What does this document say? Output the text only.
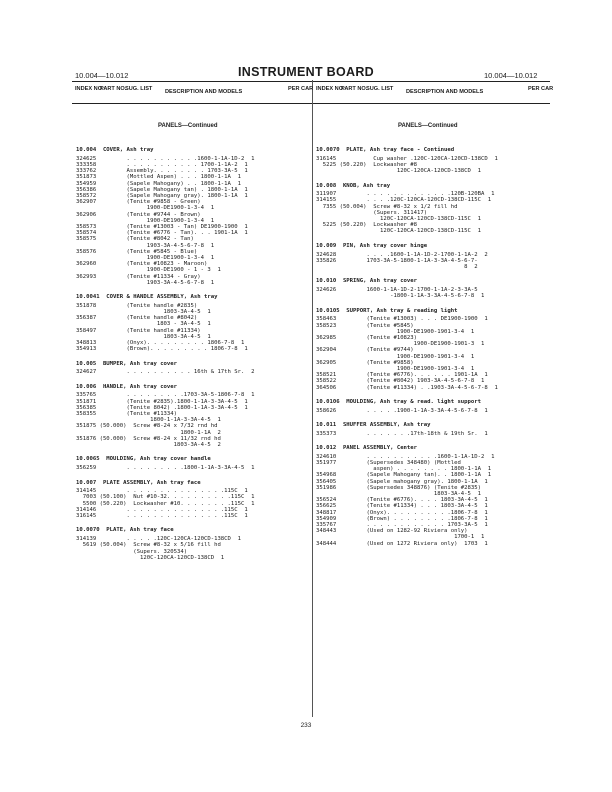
10.004—10.012	INSTRUMENT BOARD	10.004—10.012
INDEX NO.
PART NO.
SUG. LIST DESCRIPTION AND MODELS	PER CAR INDEX NO.
PART NO.
SUG. LIST DESCRIPTION AND MODELS	PER CAR
PANELS—Continued	PANELS—Continued
10.004  COVER, Ash tray
324625         . . . . . . . . . . .1600-1-1A-1D-2  1
333358         . . . . . . . . . . . 1700-1-1A-2  1
333762         Assembly. . . . . . . . 1703-3A-5  1
351873         (Mottled Aspen) . . . 1800-1-1A  1
354959         (Sapele Mahogany) . . 1800-1-1A  1
356386         (Sapele Mahogany tan) . 1800-1-1A  1
358572         (Sapele Mahogany gray). 1800-1-1A  1
362907         (Tenite #9858 - Green)
1900-DE1900-1-3-4  1
362906         (Tenite #9744 - Brown)
1900-DE1900-1-3-4  1
358573         (Tenite #13003 - Tan) DE1900-1900  1
358574         (Tenite #6776 - Tan). . . 1901-1A  1
358575         (Tenite #8042 - Tan)
1903-3A-4-5-6-7-8  1
358576         (Tenite #5845 - Blue)
1900-DE1900-1-3-4  1
362960         (Tenite #10823 - Maroon)
1900-DE1900 - 1 - 3  1
362993         (Tenite #11334 - Gray)
1903-3A-4-5-6-7-8  1
10.0041  COVER & HANDLE ASSEMBLY, Ash tray
351878         (Tenite handle #2835)
1803-3A-4-5  1
356387         (Tenite handle #8042)
1803 - 3A-4-5  1
358497         (Tenite handle #11334)
1803-3A-4-5  1
348813         (Onyx). . . . . . . . . 1806-7-8  1
354913         (Brown). . . . . . . . . 1806-7-8  1
10.005  BUMPER, Ash tray cover
324627         . . . . . . . . . . 16th & 17th Sr.  2
10.006  HANDLE, Ash tray cover
335765         . . . . . . . . .1703-3A-5-1806-7-8  1
351871         (Tenite #2835).1800-1-1A-3-3A-4-5  1
356385         (Tenite 8042) .1800-1-1A-3-3A-4-5  1
358355         (Tenite #11334)
1800-1-1A-3-3A-4-5  1
351875 (50.000)  Screw #8-24 x 7/32 rnd hd
1800-1-1A  2
351876 (50.000)  Screw #8-24 x 11/32 rnd hd
1803-3A-4-5  2
10.0065  MOULDING, Ash tray cover handle
356259         . . . . . . . . .1800-1-1A-3-3A-4-5  1
10.007  PLATE ASSEMBLY, Ash tray face
314145         . . . . . . . . . . . . . . .115C  1
7003 (50.100)  Nut #10-32. . . . . . . . . .115C  1
5500 (50.220)  Lockwasher #10. . . . . . . .115C  1
314146         . . . . . . . . . . . . . . .115C  1
316145         . . . . . . . . . . . . . . .115C  1
10.0070  PLATE, Ash tray face
314139         . . . . .120C-120CA-120CD-138CD  1
5619 (50.004)  Screw #8-32 x 5/16 fill hd
(Supers. 320534)
120C-120CA-120CD-138CD  1
10.0070  PLATE, Ash tray face - Continued
316145           Cup washer .120C-120CA-120CD-138CD  1
5225 (50.220)  Lockwasher #8
120C-120CA-120CD-138CD  1
10.008  KNOB, Ash tray
311907         . . . . . . . . . . . . .120B-120BA  1
314155         . . . .120C-120CA-120CD-138CD-115C  1
7355 (50.004)  Screw #8-32 x 1/2 fill hd
(Supers. 311417)
120C-120CA-120CD-138CD-115C  1
5225 (50.220)  Lockwasher #8
120C-120CA-120CD-138CD-115C  1
10.009  PIN, Ash tray cover hinge
324628         . . . .1600-1-1A-1D-2-1700-1-1A-2  2
335826         1703-3A-5-1800-1-1A-3-3A-4-5-6-7-
8  2
10.010  SPRING, Ash tray cover
324626         1600-1-1A-1D-2-1700-1-1A-2-3-3A-5
-1800-1-1A-3-3A-4-5-6-7-8  1
10.0105  SUPPORT, Ash tray & reading light
358463         (Tenite #13003) . . . DE1900-1900  1
358523         (Tenite #5845)
1900-DE1900-1901-3-4  1
362985         (Tenite #10823)
1900-DE1900-1901-3  1
362904         (Tenite #9744)
1900-DE1900-1901-3-4  1
362905         (Tenite #9858)
1900-DE1900-1901-3-4  1
358521         (Tenite #6776). . . . . . 1901-1A  1
358522         (Tenite #8042) 1903-3A-4-5-6-7-8  1
364506         (Tenite #11334) . .1903-3A-4-5-6-7-8  1
10.0106  MOULDING, Ash tray & read. light support
358626         . . . . .1900-1-1A-3-3A-4-5-6-7-8  1
10.011  SHUFFER ASSEMBLY, Ash tray
335373         . . . . . . .17th-18th & 19th Sr.  1
10.012  PANEL ASSEMBLY, Center
324610         . . . . . . . . . . .1600-1-1A-1D-2  1
351977         (Supersedes 348480) (Mottled
aspen) . . . . . . . . 1800-1-1A  1
354968         (Sapele Mahogany tan). . 1800-1-1A  1
356405         (Sapele mahogany gray). 1800-1-1A  1
351986         (Supersedes 348876) (Tenite #2835)
1803-3A-4-5  1
356524         (Tenite #6776). . . . 1803-3A-4-5  1
356625         (Tenite #11334) . . . 1803-3A-4-5  1
348817         (Onyx). . . . . . . . . .1806-7-8  1
354909         (Brown) . . . . . . . . .1806-7-8  1
335767         . . . . . . . . . . . . 1703-3A-5  1
348443         (Used on 1282-92 Riviera only)
1700-1  1
348444         (Used on 1272 Riviera only)  1703  1
233
